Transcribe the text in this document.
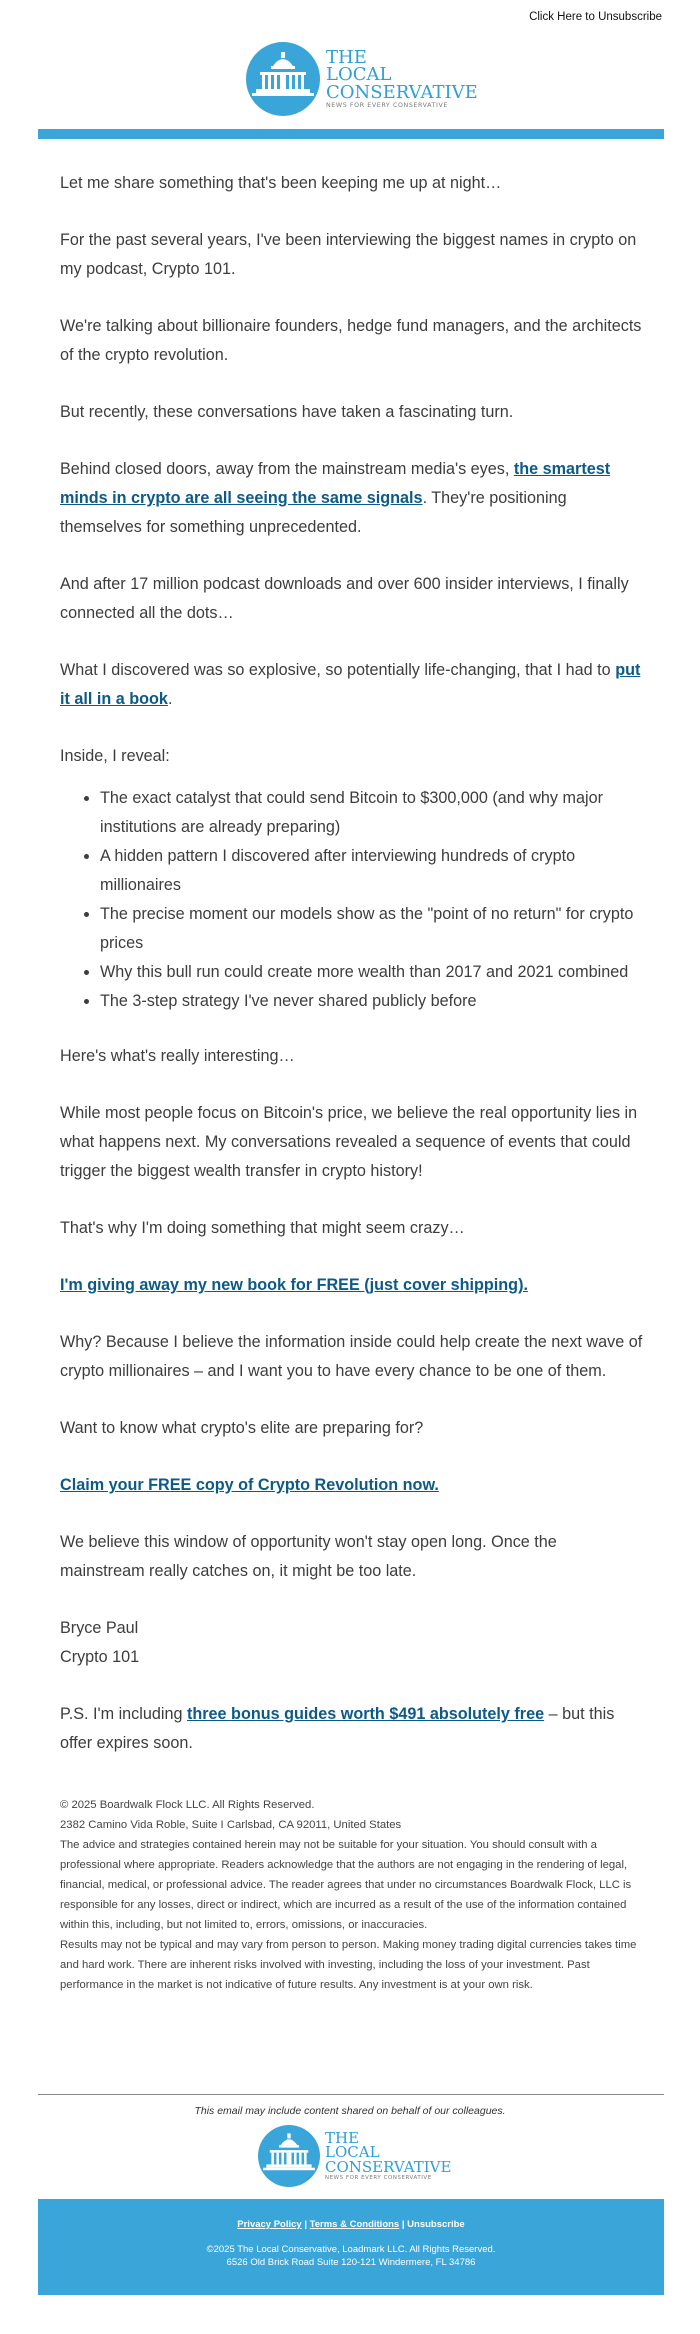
Click Here to Unsubscribe
THE
LOCAL
CONSERVATIVE
NEWS FOR EVERY CONSERVATIVE

Let me share something that's been keeping me up at night…

For the past several years, I've been interviewing the biggest names in crypto on my podcast, Crypto 101.

We're talking about billionaire founders, hedge fund managers, and the architects of the crypto revolution.

But recently, these conversations have taken a fascinating turn.

Behind closed doors, away from the mainstream media's eyes, the smartest minds in crypto are all seeing the same signals. They're positioning themselves for something unprecedented.

And after 17 million podcast downloads and over 600 insider interviews, I finally connected all the dots…

What I discovered was so explosive, so potentially life-changing, that I had to put it all in a book.

Inside, I reveal:

• The exact catalyst that could send Bitcoin to $300,000 (and why major institutions are already preparing)
• A hidden pattern I discovered after interviewing hundreds of crypto millionaires
• The precise moment our models show as the "point of no return" for crypto prices
• Why this bull run could create more wealth than 2017 and 2021 combined
• The 3-step strategy I've never shared publicly before

Here's what's really interesting…

While most people focus on Bitcoin's price, we believe the real opportunity lies in what happens next. My conversations revealed a sequence of events that could trigger the biggest wealth transfer in crypto history!

That's why I'm doing something that might seem crazy…

I'm giving away my new book for FREE (just cover shipping).

Why? Because I believe the information inside could help create the next wave of crypto millionaires – and I want you to have every chance to be one of them.

Want to know what crypto's elite are preparing for?

Claim your FREE copy of Crypto Revolution now.

We believe this window of opportunity won't stay open long. Once the mainstream really catches on, it might be too late.

Bryce Paul

Crypto 101

P.S. I'm including three bonus guides worth $491 absolutely free – but this offer expires soon.

© 2025 Boardwalk Flock LLC. All Rights Reserved.
2382 Camino Vida Roble, Suite I Carlsbad, CA 92011, United States
The advice and strategies contained herein may not be suitable for your situation. You should consult with a professional where appropriate. Readers acknowledge that the authors are not engaging in the rendering of legal, financial, medical, or professional advice. The reader agrees that under no circumstances Boardwalk Flock, LLC is responsible for any losses, direct or indirect, which are incurred as a result of the use of the information contained within this, including, but not limited to, errors, omissions, or inaccuracies.
Results may not be typical and may vary from person to person. Making money trading digital currencies takes time and hard work. There are inherent risks involved with investing, including the loss of your investment. Past performance in the market is not indicative of future results. Any investment is at your own risk.
This email may include content shared on behalf of our colleagues.
THE
LOCAL
CONSERVATIVE
NEWS FOR EVERY CONSERVATIVE
Privacy Policy | Terms & Conditions | Unsubscribe
©2025 The Local Conservative, Loadmark LLC. All Rights Reserved.
6526 Old Brick Road Suite 120-121 Windermere, FL 34786
